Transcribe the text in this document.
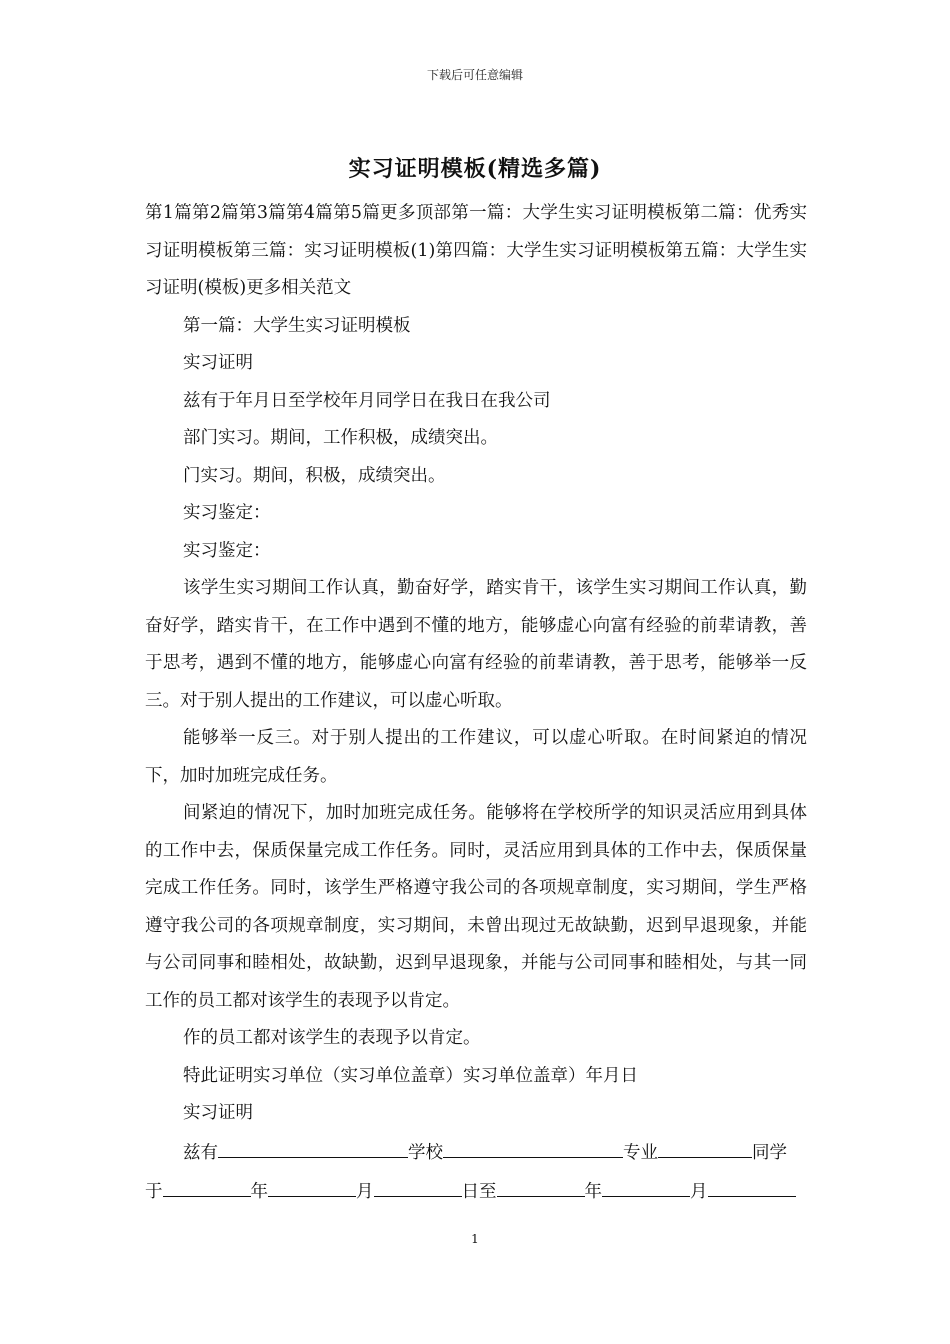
下载后可任意编辑
实习证明模板(精选多篇)

第1篇第2篇第3篇第4篇第5篇更多顶部第一篇：大学生实习证明模板第二篇：优秀实习证明模板第三篇：实习证明模板(1)第四篇：大学生实习证明模板第五篇：大学生实习证明(模板)更多相关范文

第一篇：大学生实习证明模板

实习证明

兹有于年月日至学校年月同学日在我日在我公司

部门实习。期间，工作积极，成绩突出。

门实习。期间，积极，成绩突出。

实习鉴定：

实习鉴定：

该学生实习期间工作认真，勤奋好学，踏实肯干，该学生实习期间工作认真，勤奋好学，踏实肯干，在工作中遇到不懂的地方，能够虚心向富有经验的前辈请教，善于思考，遇到不懂的地方，能够虚心向富有经验的前辈请教，善于思考，能够举一反三。对于别人提出的工作建议，可以虚心听取。

能够举一反三。对于别人提出的工作建议，可以虚心听取。在时间紧迫的情况下，加时加班完成任务。

间紧迫的情况下，加时加班完成任务。能够将在学校所学的知识灵活应用到具体的工作中去，保质保量完成工作任务。同时，灵活应用到具体的工作中去，保质保量完成工作任务。同时，该学生严格遵守我公司的各项规章制度，实习期间，学生严格遵守我公司的各项规章制度，实习期间，未曾出现过无故缺勤，迟到早退现象，并能与公司同事和睦相处，故缺勤，迟到早退现象，并能与公司同事和睦相处，与其一同工作的员工都对该学生的表现予以肯定。

作的员工都对该学生的表现予以肯定。

特此证明实习单位（实习单位盖章）实习单位盖章）年月日

实习证明

兹有	学校	专业	同学

于	年	月	日至	年	月

1
